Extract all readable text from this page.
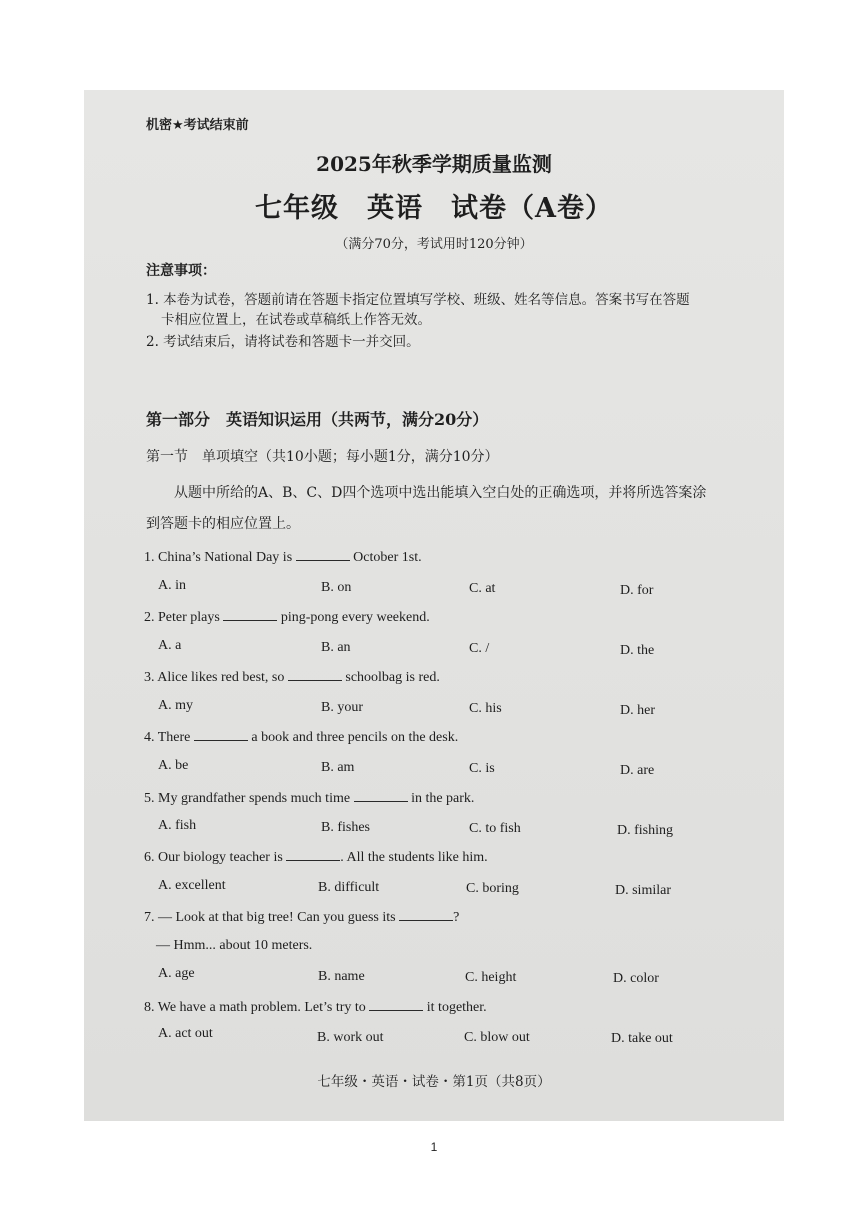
机密★考试结束前
2025年秋季学期质量监测
七年级　英语　试卷（A卷）
（满分70分，考试用时120分钟）
注意事项：
1. 本卷为试卷，答题前请在答题卡指定位置填写学校、班级、姓名等信息。答案书写在答题
卡相应位置上，在试卷或草稿纸上作答无效。
2. 考试结束后，请将试卷和答题卡一并交回。
第一部分　英语知识运用（共两节，满分20分）
第一节　单项填空（共10小题；每小题1分，满分10分）
从题中所给的A、B、C、D四个选项中选出能填入空白处的正确选项，并将所选答案涂
到答题卡的相应位置上。
1. China’s National Day is	October 1st.
A. in	B. on	C. at	D. for
2. Peter plays	ping-pong every weekend.
A. a	B. an	C. /	D. the
3. Alice likes red best, so	schoolbag is red.
A. my	B. your	C. his	D. her
4. There	a book and three pencils on the desk.
A. be	B. am	C. is	D. are
5. My grandfather spends much time	in the park.
A. fish	B. fishes	C. to fish	D. fishing
6. Our biology teacher is	. All the students like him.
A. excellent	B. difficult	C. boring	D. similar
7. — Look at that big tree! Can you guess its	?
— Hmm... about 10 meters.
A. age	B. name	C. height	D. color
8. We have a math problem. Let’s try to	it together.
A. act out	B. work out	C. blow out	D. take out
七年级・英语・试卷・第1页（共8页）
1
